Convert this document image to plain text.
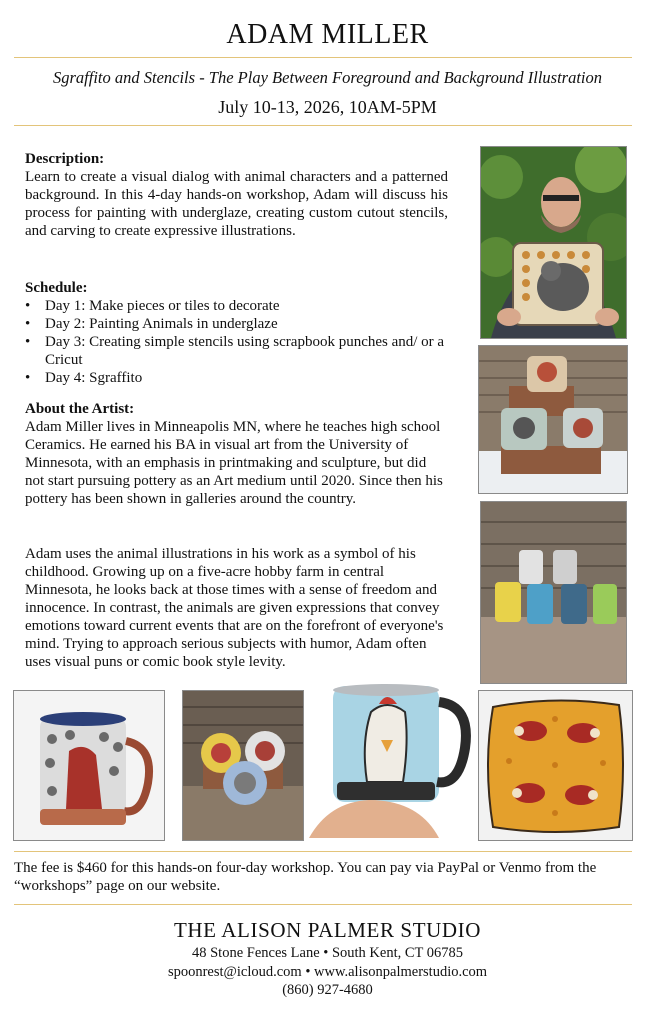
ADAM MILLER
Sgraffito and Stencils - The Play Between Foreground and Background Illustration
July 10-13, 2026, 10AM-5PM
Description:

Learn to create a visual dialog with animal characters and a patterned background. In this 4-day hands-on workshop, Adam will discuss his process for painting with underglaze, creating custom cutout stencils, and carving to create expressive illustrations.

Schedule:
• Day 1: Make pieces or tiles to decorate
• Day 2: Painting Animals in underglaze
• Day 3: Creating simple stencils using scrapbook punches and/ or a Cricut
• Day 4: Sgraffito
About the Artist:

Adam Miller lives in Minneapolis MN, where he teaches high school Ceramics. He earned his BA in visual art from the University of Minnesota, with an emphasis in printmaking and sculpture, but did not start pursuing pottery as an Art medium until 2020. Since then his pottery has been shown in galleries around the country.

Adam uses the animal illustrations in his work as a symbol of his childhood. Growing up on a five-acre hobby farm in central Minnesota, he looks back at those times with a sense of freedom and innocence. In contrast, the animals are given expressions that convey emotions toward current events that are on the forefront of everyone's mind. Trying to approach serious subjects with humor, Adam often uses visual puns or comic book style levity.

The fee is $460 for this hands-on four-day workshop. You can pay via PayPal or Venmo from the “workshops” page on our website.
THE ALISON PALMER STUDIO
48 Stone Fences Lane • South Kent, CT 06785
spoonrest@icloud.com • www.alisonpalmerstudio.com
(860) 927-4680
